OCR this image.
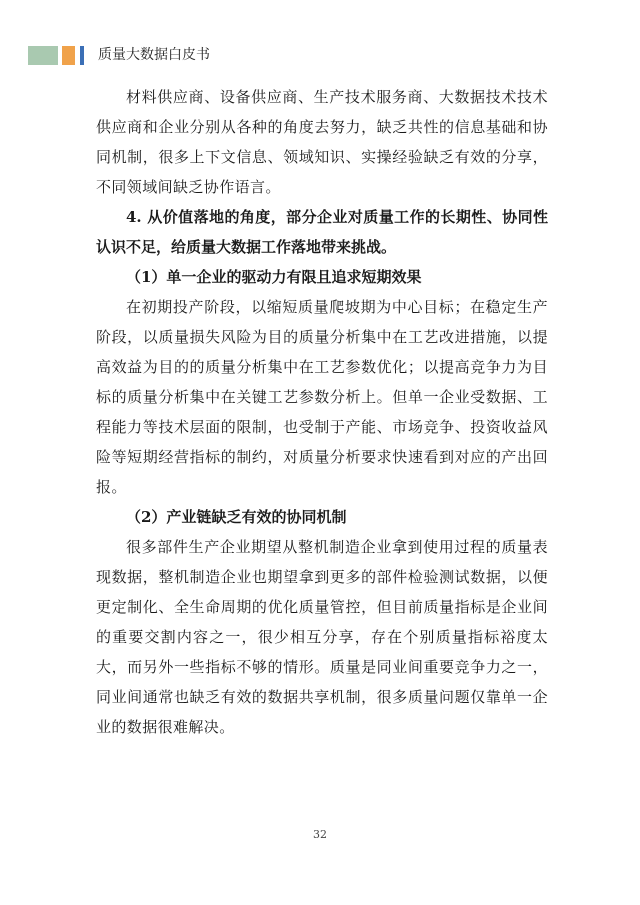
质量大数据白皮书

材料供应商、设备供应商、生产技术服务商、大数据技术技术供应商和企业分别从各种的角度去努力，缺乏共性的信息基础和协同机制，很多上下文信息、领域知识、实操经验缺乏有效的分享，不同领域间缺乏协作语言。

4. 从价值落地的角度，部分企业对质量工作的长期性、协同性认识不足，给质量大数据工作落地带来挑战。

（1）单一企业的驱动力有限且追求短期效果

在初期投产阶段，以缩短质量爬坡期为中心目标；在稳定生产阶段，以质量损失风险为目的质量分析集中在工艺改进措施，以提高效益为目的的质量分析集中在工艺参数优化；以提高竞争力为目标的质量分析集中在关键工艺参数分析上。但单一企业受数据、工程能力等技术层面的限制，也受制于产能、市场竞争、投资收益风险等短期经营指标的制约，对质量分析要求快速看到对应的产出回报。

（2）产业链缺乏有效的协同机制

很多部件生产企业期望从整机制造企业拿到使用过程的质量表现数据，整机制造企业也期望拿到更多的部件检验测试数据，以便更定制化、全生命周期的优化质量管控，但目前质量指标是企业间的重要交割内容之一，很少相互分享，存在个别质量指标裕度太大，而另外一些指标不够的情形。质量是同业间重要竞争力之一，同业间通常也缺乏有效的数据共享机制，很多质量问题仅靠单一企业的数据很难解决。

32
